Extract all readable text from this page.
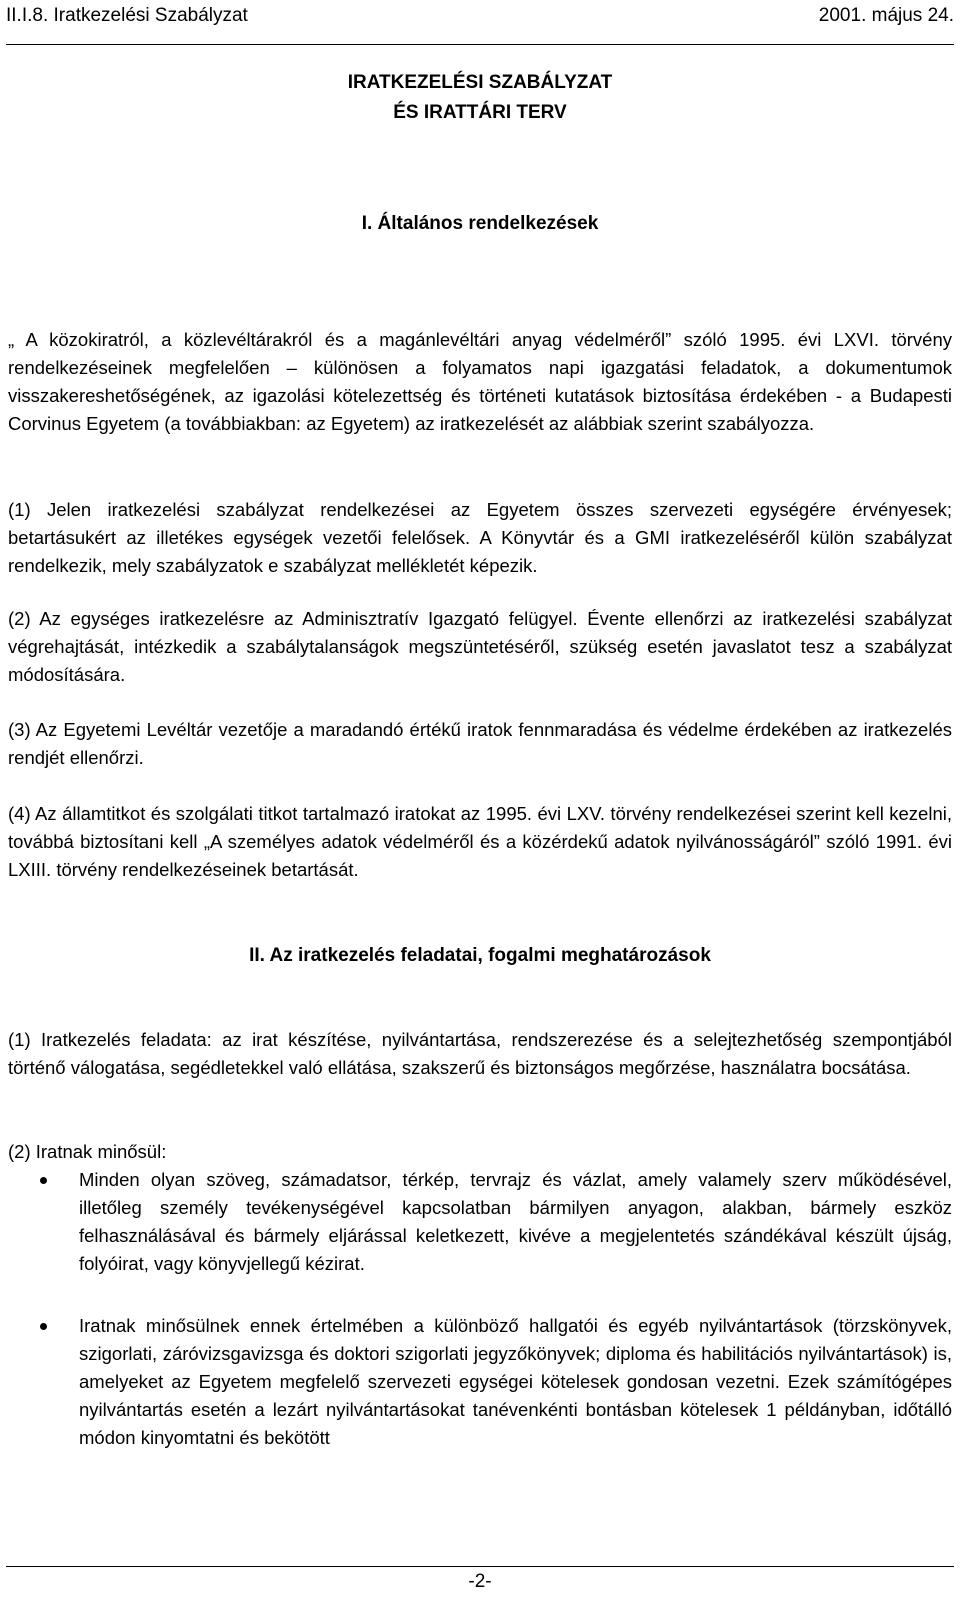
II.I.8. Iratkezelési Szabályzat	2001. május 24.
IRATKEZELÉSI SZABÁLYZAT
ÉS IRATTÁRI TERV
I. Általános rendelkezések
„ A közokiratról, a közlevéltárakról és a magánlevéltári anyag védelméről” szóló 1995. évi LXVI. törvény rendelkezéseinek megfelelően – különösen a folyamatos napi igazgatási feladatok, a dokumentumok visszakereshetőségének, az igazolási kötelezettség és történeti kutatások biztosítása érdekében - a Budapesti Corvinus Egyetem (a továbbiakban: az Egyetem) az iratkezelését az alábbiak szerint szabályozza.
(1) Jelen iratkezelési szabályzat rendelkezései az Egyetem összes szervezeti egységére érvényesek; betartásukért az illetékes egységek vezetői felelősek. A Könyvtár és a GMI iratkezeléséről külön szabályzat rendelkezik, mely szabályzatok e szabályzat mellékletét képezik.
(2) Az egységes iratkezelésre az Adminisztratív Igazgató felügyel. Évente ellenőrzi az iratkezelési szabályzat végrehajtását, intézkedik a szabálytalanságok megszüntetéséről, szükség esetén javaslatot tesz a szabályzat módosítására.
(3) Az Egyetemi Levéltár vezetője a maradandó értékű iratok fennmaradása és védelme érdekében az iratkezelés rendjét ellenőrzi.
(4) Az államtitkot és szolgálati titkot tartalmazó iratokat az 1995. évi LXV. törvény rendelkezései szerint kell kezelni, továbbá biztosítani kell „A személyes adatok védelméről és a közérdekű adatok nyilvánosságáról” szóló 1991. évi LXIII. törvény rendelkezéseinek betartását.
II. Az iratkezelés feladatai, fogalmi meghatározások
(1) Iratkezelés feladata: az irat készítése, nyilvántartása, rendszerezése és a selejtezhetőség szempontjából történő válogatása, segédletekkel való ellátása, szakszerű és biztonságos megőrzése, használatra bocsátása.
(2) Iratnak minősül:
Minden olyan szöveg, számadatsor, térkép, tervrajz és vázlat, amely valamely szerv működésével, illetőleg személy tevékenységével kapcsolatban bármilyen anyagon, alakban, bármely eszköz felhasználásával és bármely eljárással keletkezett, kivéve a megjelentetés szándékával készült újság, folyóirat, vagy könyvjellegű kézirat.
Iratnak minősülnek ennek értelmében a különböző hallgatói és egyéb nyilvántartások (törzskönyvek, szigorlati, záróvizsgavizsga és doktori szigorlati jegyzőkönyvek; diploma és habilitációs nyilvántartások) is, amelyeket az Egyetem megfelelő szervezeti egységei kötelesek gondosan vezetni. Ezek számítógépes nyilvántartás esetén a lezárt nyilvántartásokat tanévenkénti bontásban kötelesek 1 példányban, időtálló módon kinyomtatni és bekötött
-2-
